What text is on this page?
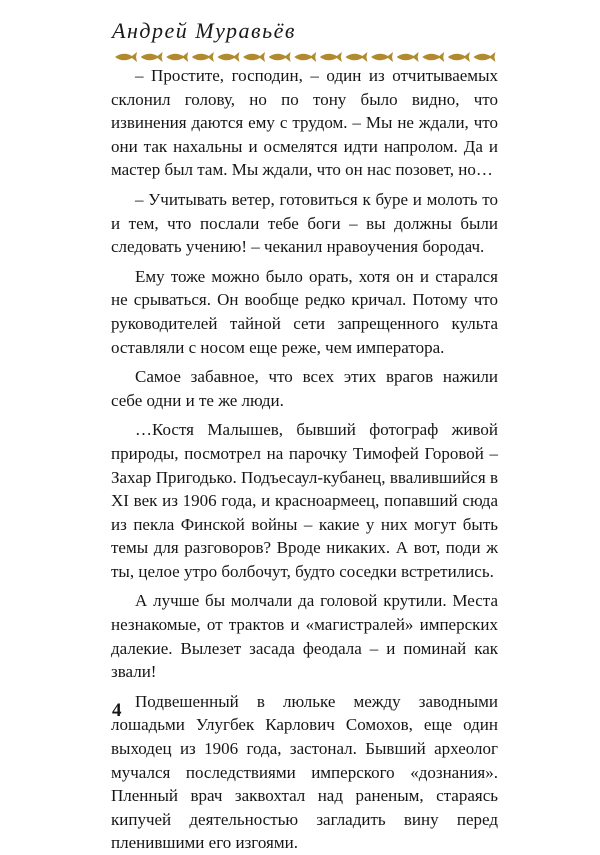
Андрей Муравьёв

– Простите, господин, – один из отчитываемых склонил голову, но по тону было видно, что извинения даются ему с трудом. – Мы не ждали, что они так нахальны и осмелятся идти напролом. Да и мастер был там. Мы ждали, что он нас позовет, но…

– Учитывать ветер, готовиться к буре и молоть то и тем, что послали тебе боги – вы должны были следовать учению! – чеканил нравоучения бородач.

Ему тоже можно было орать, хотя он и старался не срываться. Он вообще редко кричал. Потому что руководителей тайной сети запрещенного культа оставляли с носом еще реже, чем императора.

Самое забавное, что всех этих врагов нажили себе одни и те же люди.

…Костя Малышев, бывший фотограф живой природы, посмотрел на парочку Тимофей Горовой – Захар Пригодько. Подъесаул-кубанец, ввалившийся в XI век из 1906 года, и красноармеец, попавший сюда из пекла Финской войны – какие у них могут быть темы для разговоров? Вроде никаких. А вот, поди ж ты, целое утро болбочут, будто соседки встретились.

А лучше бы молчали да головой крутили. Места незнакомые, от трактов и «магистралей» имперских далекие. Вылезет засада феодала – и поминай как звали!

Подвешенный в люльке между заводными лошадьми Улугбек Карлович Сомохов, еще один выходец из 1906 года, застонал. Бывший археолог мучался последствиями имперского «дознания». Пленный врач заквохтал над раненым, стараясь кипучей деятельностью загладить вину перед пленившими его изгоями.

4
